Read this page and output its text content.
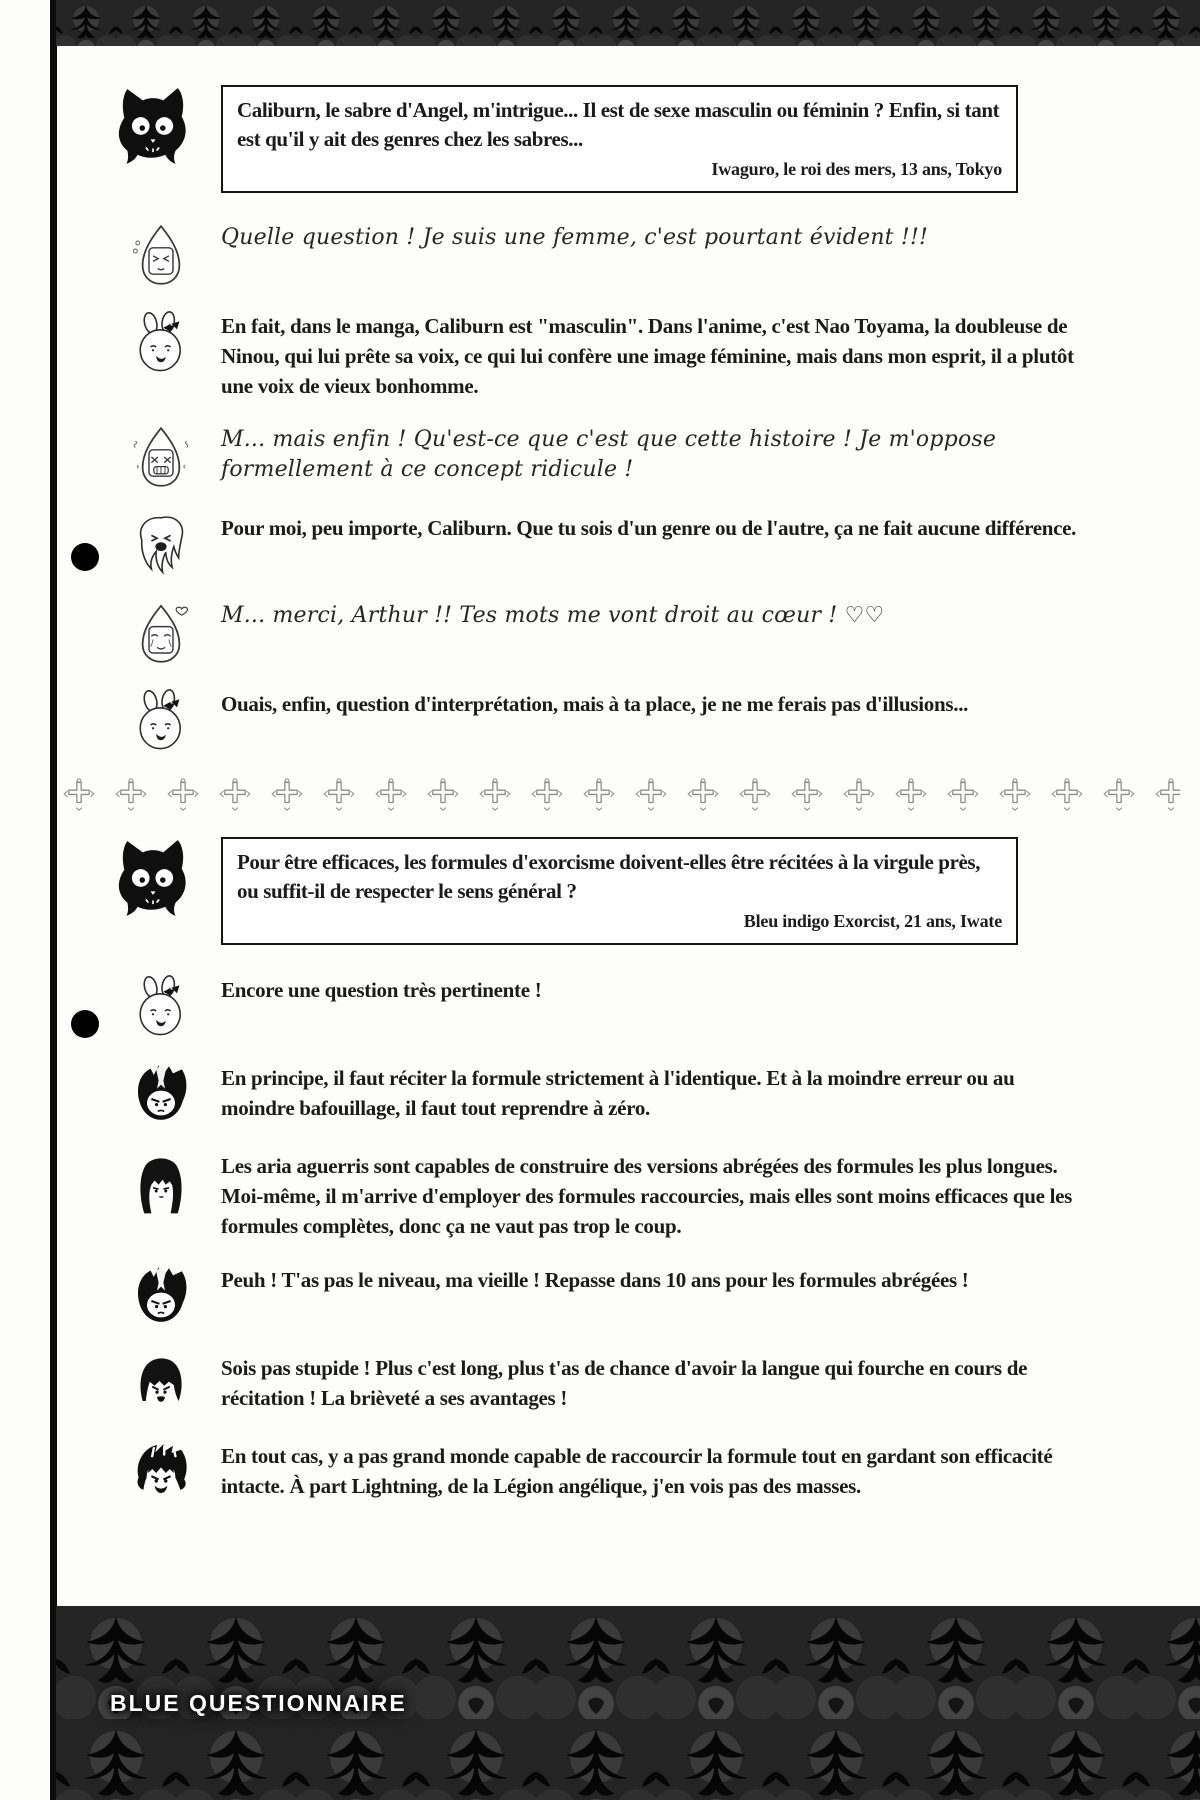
Caliburn, le sabre d'Angel, m'intrigue... Il est de sexe masculin ou féminin ? Enfin, si tant est qu'il y ait des genres chez les sabres...
Iwaguro, le roi des mers, 13 ans, Tokyo
Quelle question ! Je suis une femme, c'est pourtant évident !!!
En fait, dans le manga, Caliburn est "masculin". Dans l'anime, c'est Nao Toyama, la doubleuse de Ninou, qui lui prête sa voix, ce qui lui confère une image féminine, mais dans mon esprit, il a plutôt une voix de vieux bonhomme.
M... mais enfin ! Qu'est-ce que c'est que cette histoire ! Je m'oppose formellement à ce concept ridicule !
Pour moi, peu importe, Caliburn. Que tu sois d'un genre ou de l'autre, ça ne fait aucune différence.
M... merci, Arthur !! Tes mots me vont droit au cœur ! ♡♡
Ouais, enfin, question d'interprétation, mais à ta place, je ne me ferais pas d'illusions...
Pour être efficaces, les formules d'exorcisme doivent-elles être récitées à la virgule près, ou suffit-il de respecter le sens général ?
Bleu indigo Exorcist, 21 ans, Iwate
Encore une question très pertinente !
En principe, il faut réciter la formule strictement à l'identique. Et à la moindre erreur ou au moindre bafouillage, il faut tout reprendre à zéro.
Les aria aguerris sont capables de construire des versions abrégées des formules les plus longues. Moi-même, il m'arrive d'employer des formules raccourcies, mais elles sont moins efficaces que les formules complètes, donc ça ne vaut pas trop le coup.
Peuh ! T'as pas le niveau, ma vieille ! Repasse dans 10 ans pour les formules abrégées !
Sois pas stupide ! Plus c'est long, plus t'as de chance d'avoir la langue qui fourche en cours de récitation ! La brièveté a ses avantages !
En tout cas, y a pas grand monde capable de raccourcir la formule tout en gardant son efficacité intacte. À part Lightning, de la Légion angélique, j'en vois pas des masses.
BLUE QUESTIONNAIRE
